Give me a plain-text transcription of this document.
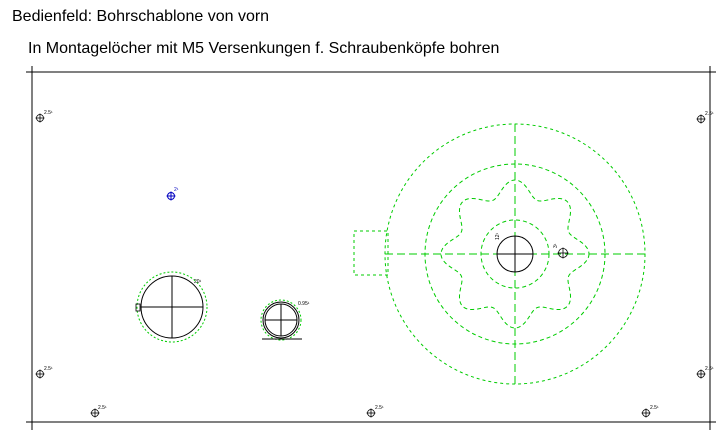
Bedienfeld: Bohrschablone von vorn
In Montagelöcher mit M5 Versenkungen f. Schraubenköpfe bohren
2.5¹	2.5¹
2.5¹	2.5¹
2.5¹	2.5¹	2.5¹
2¹
20¹
0.95¹
12¹
3¹
